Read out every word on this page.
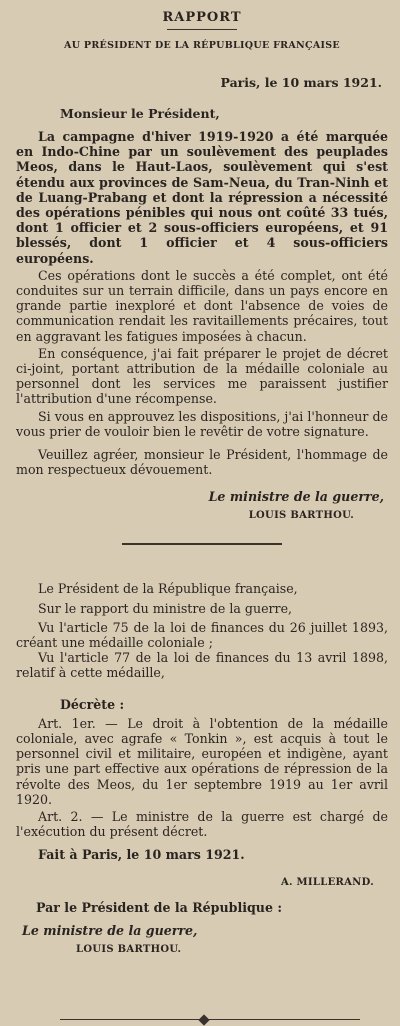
RAPPORT
AU PRÉSIDENT DE LA RÉPUBLIQUE FRANÇAISE
Paris, le 10 mars 1921.
Monsieur le Président,

La campagne d'hiver 1919-1920 a été marquée en Indo-Chine par un soulèvement des peuplades Meos, dans le Haut-Laos, soulèvement qui s'est étendu aux provinces de Sam-Neua, du Tran-Ninh et de Luang-Prabang et dont la répression a nécessité des opérations pénibles qui nous ont coûté 33 tués, dont 1 officier et 2 sous-officiers européens, et 91 blessés, dont 1 officier et 4 sous-officiers européens.

Ces opérations dont le succès a été complet, ont été conduites sur un terrain difficile, dans un pays encore en grande partie inexploré et dont l'absence de voies de communication rendait les ravitaillements précaires, tout en aggravant les fatigues imposées à chacun.

En conséquence, j'ai fait préparer le projet de décret ci-joint, portant attribution de la médaille coloniale au personnel dont les services me paraissent justifier l'attribution d'une récompense.

Si vous en approuvez les dispositions, j'ai l'honneur de vous prier de vouloir bien le revêtir de votre signature.

Veuillez agréer, monsieur le Président, l'hommage de mon respectueux dévouement.

Le ministre de la guerre,
LOUIS BARTHOU.

Le Président de la République française,

Sur le rapport du ministre de la guerre,

Vu l'article 75 de la loi de finances du 26 juillet 1893, créant une médaille coloniale ;

Vu l'article 77 de la loi de finances du 13 avril 1898, relatif à cette médaille,

Décrète :

Art. 1er. — Le droit à l'obtention de la médaille coloniale, avec agrafe « Tonkin », est acquis à tout le personnel civil et militaire, européen et indigène, ayant pris une part effective aux opérations de répression de la révolte des Meos, du 1er septembre 1919 au 1er avril 1920.

Art. 2. — Le ministre de la guerre est chargé de l'exécution du présent décret.

Fait à Paris, le 10 mars 1921.

A. MILLERAND.
Par le Président de la République :
Le ministre de la guerre,
LOUIS BARTHOU.
